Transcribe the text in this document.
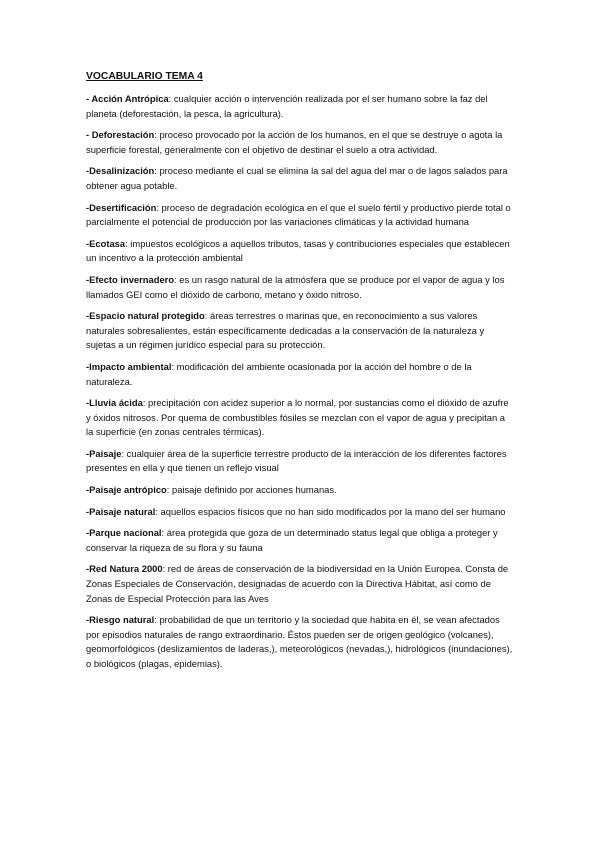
VOCABULARIO TEMA 4
- Acción Antrópica: cualquier acción o intervención realizada por el ser humano sobre la faz del planeta (deforestación, la pesca, la agricultura).
- Deforestación: proceso provocado por la acción de los humanos, en el que se destruye o agota la superficie forestal, generalmente con el objetivo de destinar el suelo a otra actividad.
-Desalinización: proceso mediante el cual se elimina la sal del agua del mar o de lagos salados para obtener agua potable.
-Desertificación: proceso de degradación ecológica en el que el suelo fértil y productivo pierde total o parcialmente el potencial de producción por las variaciones climáticas y la actividad humana
-Ecotasa: impuestos ecológicos a aquellos tributos, tasas y contribuciones especiales que establecen un incentivo a la protección ambiental
-Efecto invernadero: es un rasgo natural de la atmósfera que se produce por el vapor de agua y los llamados GEI como el dióxido de carbono, metano y óxido nitroso.
-Espacio natural protegido: áreas terrestres o marinas que, en reconocimiento a sus valores naturales sobresalientes, están específicamente dedicadas a la conservación de la naturaleza y sujetas a un régimen jurídico especial para su protección.
-Impacto ambiental: modificación del ambiente ocasionada por la acción del hombre o de la naturaleza.
-Lluvia ácida: precipitación con acidez superior a lo normal, por sustancias como el dióxido de azufre y óxidos nitrosos. Por quema de combustibles fósiles se mezclan con el vapor de agua y precipitan a la superficie (en zonas centrales térmicas).
-Paisaje: cualquier área de la superficie terrestre producto de la interacción de los diferentes factores presentes en ella y que tienen un reflejo visual
-Paisaje antrópico: paisaje definido por acciones humanas.
-Paisaje natural: aquellos espacios físicos que no han sido modificados por la mano del ser humano
-Parque nacional: área protegida que goza de un determinado status legal que obliga a proteger y conservar la riqueza de su flora y su fauna
-Red Natura 2000: red de áreas de conservación de la biodiversidad en la Unión Europea. Consta de Zonas Especiales de Conservación, designadas de acuerdo con la Directiva Hábitat, así como de Zonas de Especial Protección para las Aves
-Riesgo natural: probabilidad de que un territorio y la sociedad que habita en él, se vean afectados por episodios naturales de rango extraordinario. Éstos pueden ser de origen geológico (volcanes), geomorfológicos (deslizamientos de laderas,), meteorológicos (nevadas,), hidrológicos (inundaciones), o biológicos (plagas, epidemias).
